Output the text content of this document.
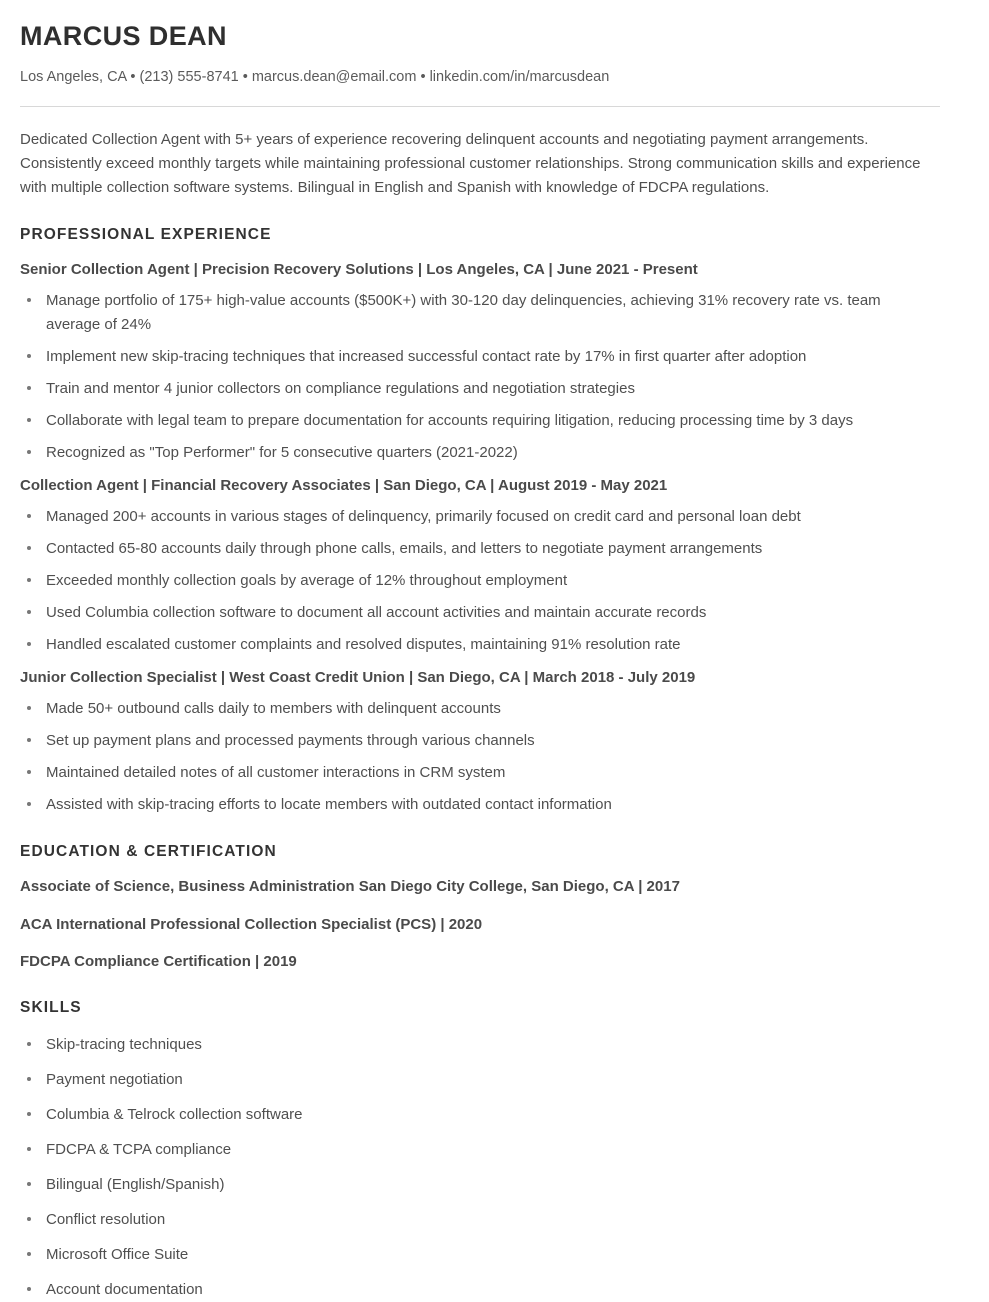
MARCUS DEAN
Los Angeles, CA • (213) 555-8741 • marcus.dean@email.com • linkedin.com/in/marcusdean

Dedicated Collection Agent with 5+ years of experience recovering delinquent accounts and negotiating payment arrangements. Consistently exceed monthly targets while maintaining professional customer relationships. Strong communication skills and experience with multiple collection software systems. Bilingual in English and Spanish with knowledge of FDCPA regulations.

PROFESSIONAL EXPERIENCE
Senior Collection Agent | Precision Recovery Solutions | Los Angeles, CA | June 2021 - Present
Manage portfolio of 175+ high-value accounts ($500K+) with 30-120 day delinquencies, achieving 31% recovery rate vs. team average of 24%
Implement new skip-tracing techniques that increased successful contact rate by 17% in first quarter after adoption
Train and mentor 4 junior collectors on compliance regulations and negotiation strategies
Collaborate with legal team to prepare documentation for accounts requiring litigation, reducing processing time by 3 days
Recognized as "Top Performer" for 5 consecutive quarters (2021-2022)
Collection Agent | Financial Recovery Associates | San Diego, CA | August 2019 - May 2021
Managed 200+ accounts in various stages of delinquency, primarily focused on credit card and personal loan debt
Contacted 65-80 accounts daily through phone calls, emails, and letters to negotiate payment arrangements
Exceeded monthly collection goals by average of 12% throughout employment
Used Columbia collection software to document all account activities and maintain accurate records
Handled escalated customer complaints and resolved disputes, maintaining 91% resolution rate
Junior Collection Specialist | West Coast Credit Union | San Diego, CA | March 2018 - July 2019
Made 50+ outbound calls daily to members with delinquent accounts
Set up payment plans and processed payments through various channels
Maintained detailed notes of all customer interactions in CRM system
Assisted with skip-tracing efforts to locate members with outdated contact information
EDUCATION & CERTIFICATION
Associate of Science, Business Administration San Diego City College, San Diego, CA | 2017
ACA International Professional Collection Specialist (PCS) | 2020
FDCPA Compliance Certification | 2019
SKILLS
Skip-tracing techniques
Payment negotiation
Columbia & Telrock collection software
FDCPA & TCPA compliance
Bilingual (English/Spanish)
Conflict resolution
Microsoft Office Suite
Account documentation
